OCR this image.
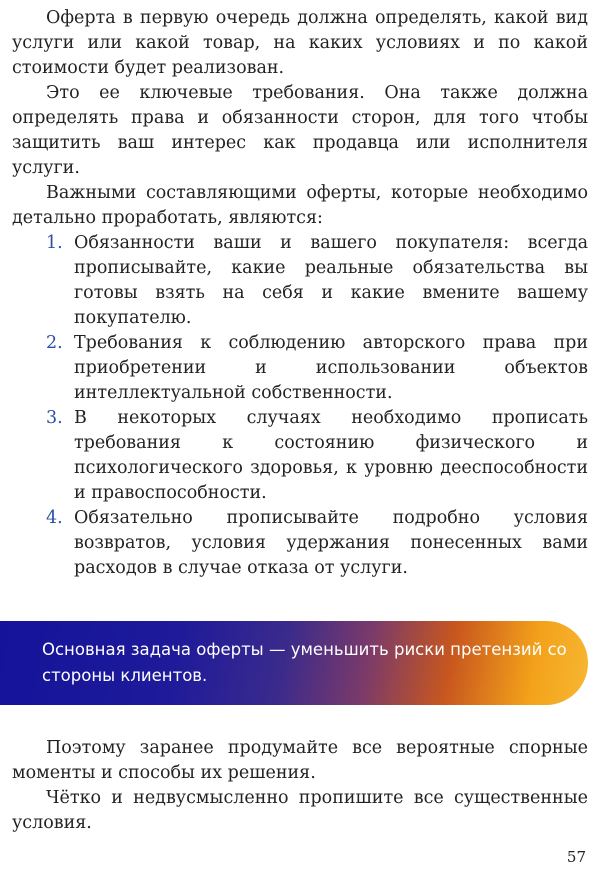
Оферта в первую очередь должна определять, какой вид услуги или какой товар, на каких условиях и по какой стоимости будет реализован.

Это ее ключевые требования. Она также должна определять права и обязанности сторон, для того чтобы защитить ваш интерес как продавца или исполнителя услуги.

Важными составляющими оферты, которые необходимо детально проработать, являются:

1. Обязанности ваши и вашего покупателя: всегда прописывайте, какие реальные обязательства вы готовы взять на себя и какие вмените вашему покупателю.
2. Требования к соблюдению авторского права при приобретении и использовании объектов интеллектуальной собственности.
3. В некоторых случаях необходимо прописать требования к состоянию физического и психологического здоровья, к уровню дееспособности и правоспособности.
4. Обязательно прописывайте подробно условия возвратов, условия удержания понесенных вами расходов в случае отказа от услуги.
Основная задача оферты — уменьшить риски претензий со стороны клиентов.

Поэтому заранее продумайте все вероятные спорные моменты и способы их решения.

Чётко и недвусмысленно пропишите все существенные условия.

57
